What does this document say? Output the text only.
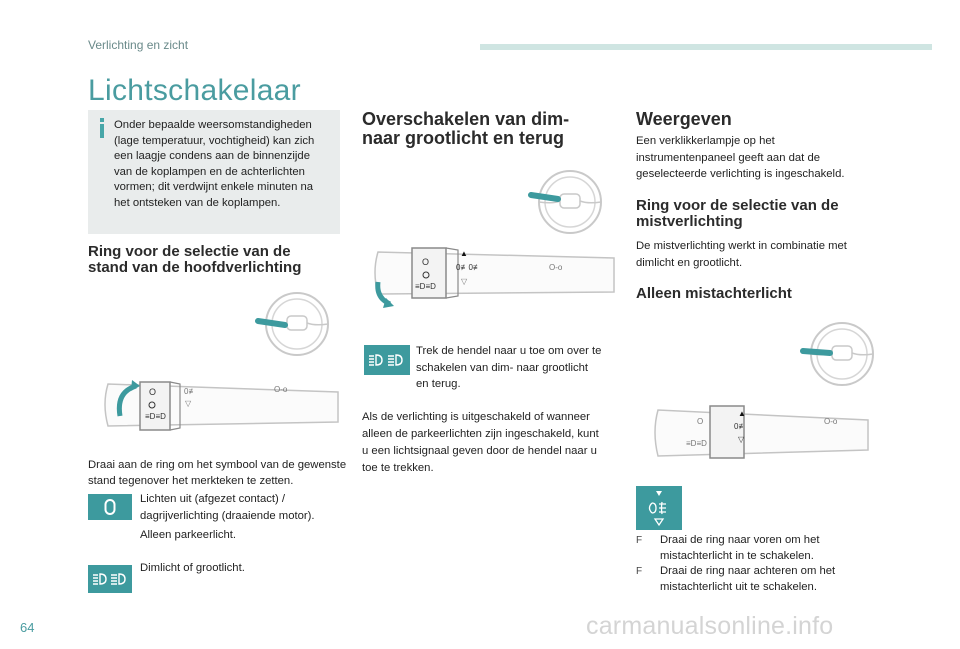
Verlichting en zicht
Lichtschakelaar
Onder bepaalde weersomstandigheden
(lage temperatuur, vochtigheid) kan zich
een laagje condens aan de binnenzijde
van de koplampen en de achterlichten
vormen; dit verdwijnt enkele minuten na
het ontsteken van de koplampen.
Ring voor de selectie van de
stand van de hoofdverlichting
O
≡D≡D
0≢
▽
O-o
Draai aan de ring om het symbool van de gewenste
stand tegenover het merkteken te zetten.
Lichten uit (afgezet contact) /
dagrijverlichting (draaiende motor).
Alleen parkeerlicht.
Dimlicht of grootlicht.
Overschakelen van dim-
naar grootlicht en terug
O
≡D≡D
▲
0≢0≢
▽
O-o
Trek de hendel naar u toe om over te
schakelen van dim- naar grootlicht
en terug.
Als de verlichting is uitgeschakeld of wanneer
alleen de parkeerlichten zijn ingeschakeld, kunt
u een lichtsignaal geven door de hendel naar u
toe te trekken.
Weergeven
Een verklikkerlampje op het
instrumentenpaneel geeft aan dat de
geselecteerde verlichting is ingeschakeld.
Ring voor de selectie van de
mistverlichting
De mistverlichting werkt in combinatie met
dimlicht en grootlicht.
Alleen mistachterlicht
O
≡D≡D
▲
0≢
▽
O-o
F Draai de ring naar voren om het
mistachterlicht in te schakelen.
F Draai de ring naar achteren om het
mistachterlicht uit te schakelen.
64	carmanualsonline.info
